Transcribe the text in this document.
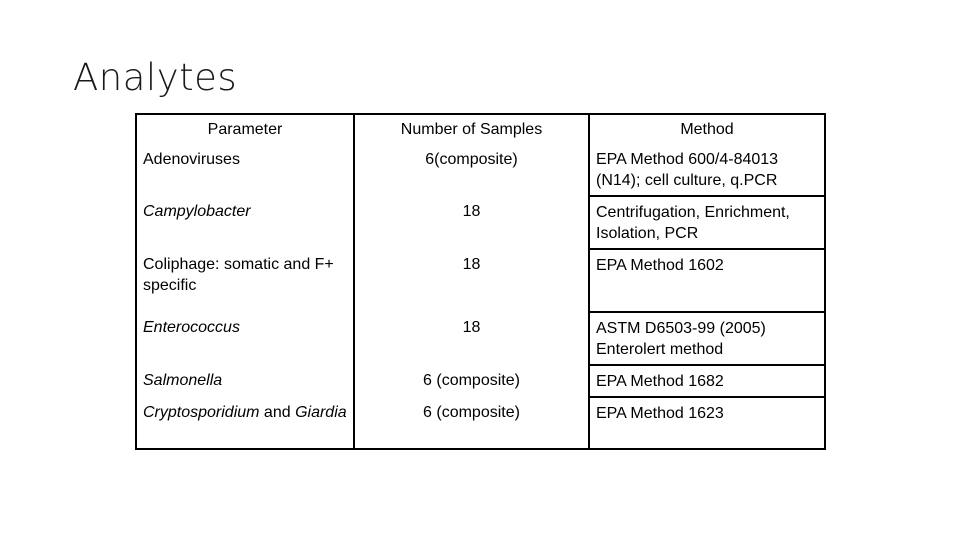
Analytes
Parameter	Number of Samples	Method
Adenoviruses	6(composite)	EPA Method 600/4-84013 (N14); cell culture, q.PCR
Campylobacter	18	Centrifugation, Enrichment, Isolation, PCR
Coliphage: somatic and F+ specific	18	EPA Method 1602
Enterococcus	18	ASTM D6503-99 (2005) Enterolert method
Salmonella	6 (composite)	EPA Method 1682
Cryptosporidium and Giardia	6 (composite)	EPA Method 1623
